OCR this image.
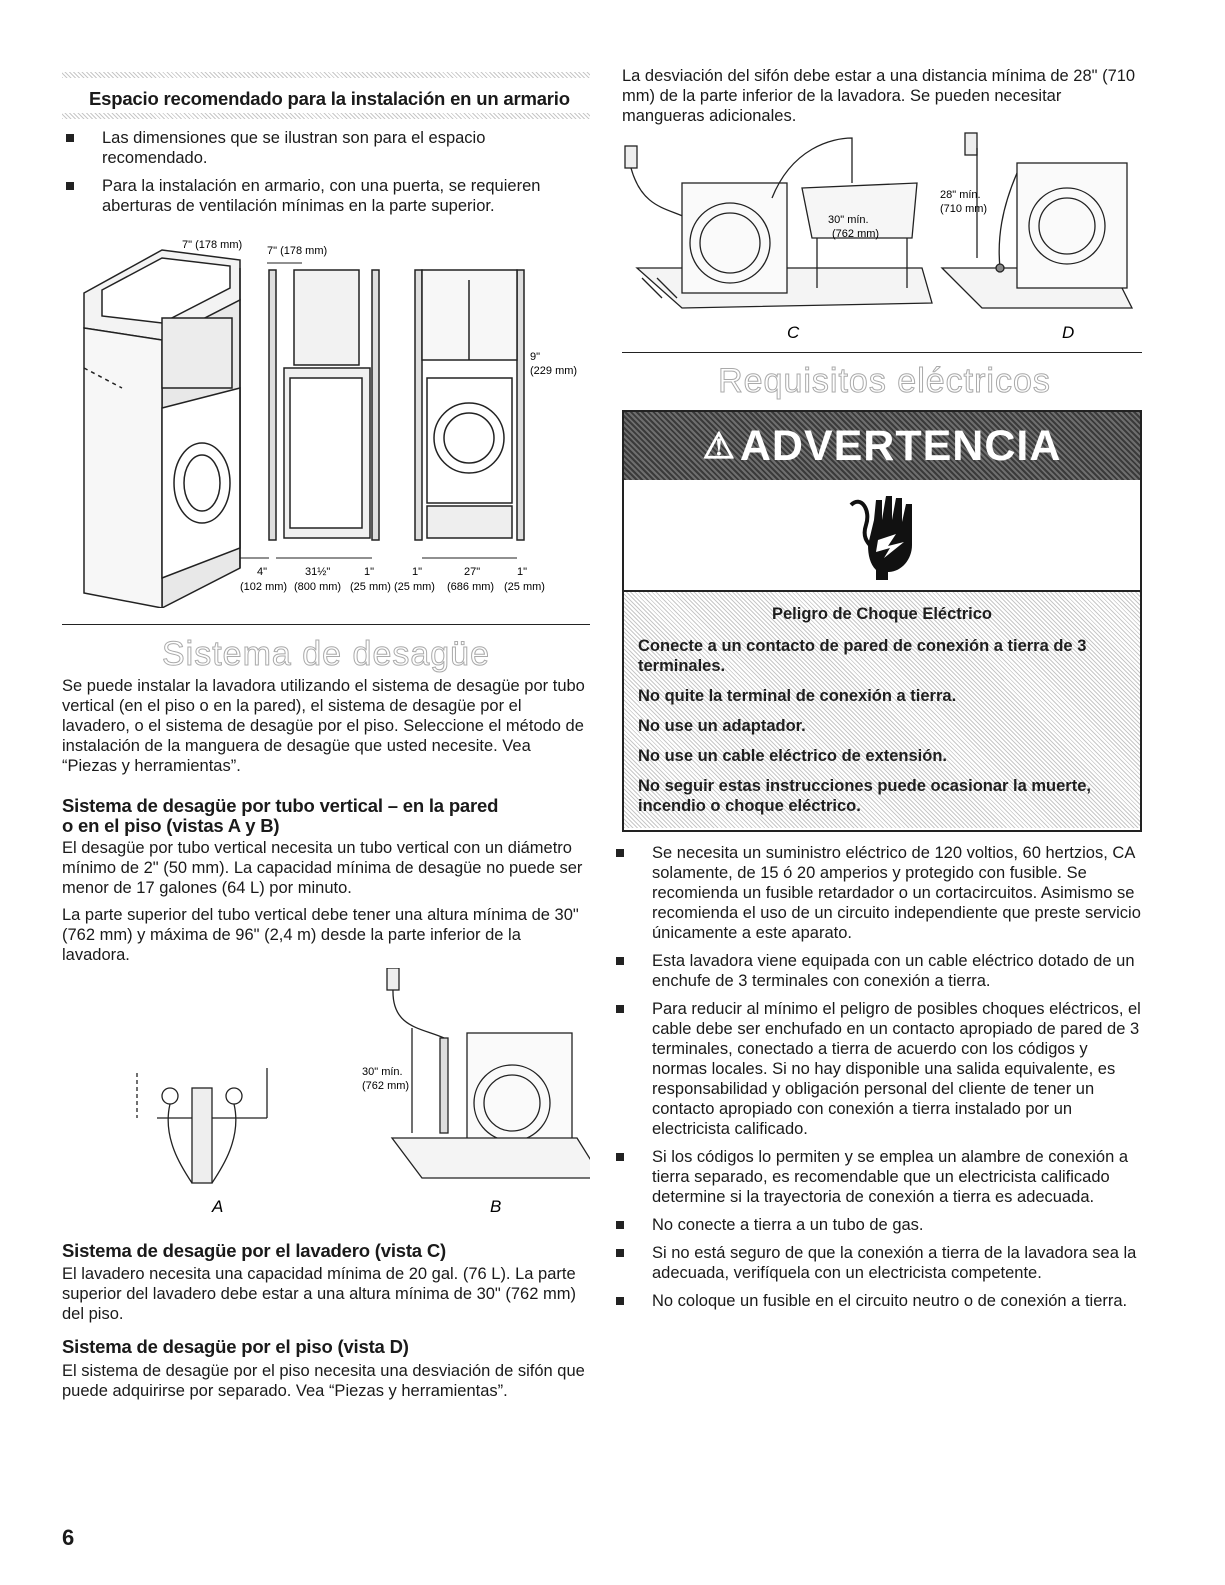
Espacio recomendado para la instalación en un armario
Las dimensiones que se ilustran son para el espacio recomendado.
Para la instalación en armario, con una puerta, se requieren aberturas de ventilación mínimas en la parte superior.
7" (178 mm) 7" (178 mm)
9"
(229 mm)
4"	31½"	1"	1"	27"	1"
(102 mm) (800 mm) (25 mm) (25 mm) (686 mm) (25 mm)
Sistema de desagüe

Se puede instalar la lavadora utilizando el sistema de desagüe por tubo vertical (en el piso o en la pared), el sistema de desagüe por el lavadero, o el sistema de desagüe por el piso. Seleccione el método de instalación de la manguera de desagüe que usted necesite. Vea “Piezas y herramientas”.

Sistema de desagüe por tubo vertical – en la pared
o en el piso (vistas A y B)

El desagüe por tubo vertical necesita un tubo vertical con un diámetro mínimo de 2" (50 mm). La capacidad mínima de desagüe no puede ser menor de 17 galones (64 L) por minuto.

La parte superior del tubo vertical debe tener una altura mínima de 30" (762 mm) y máxima de 96" (2,4 m) desde la parte inferior de la lavadora.

30" mín.
(762 mm)
A	B
Sistema de desagüe por el lavadero (vista C)

El lavadero necesita una capacidad mínima de 20 gal. (76 L). La parte superior del lavadero debe estar a una altura mínima de 30" (762 mm) del piso.

Sistema de desagüe por el piso (vista D)

El sistema de desagüe por el piso necesita una desviación de sifón que puede adquirirse por separado. Vea “Piezas y herramientas”.

6

La desviación del sifón debe estar a una distancia mínima de 28" (710 mm) de la parte inferior de la lavadora. Se pueden necesitar mangueras adicionales.

30" mín.
(762 mm)
28" mín.
(710 mm)
C	D
Requisitos eléctricos
⚠ ADVERTENCIA

Peligro de Choque Eléctrico

Conecte a un contacto de pared de conexión a tierra de 3 terminales.

No quite la terminal de conexión a tierra.

No use un adaptador.

No use un cable eléctrico de extensión.

No seguir estas instrucciones puede ocasionar la muerte, incendio o choque eléctrico.

Se necesita un suministro eléctrico de 120 voltios, 60 hertzios, CA solamente, de 15 ó 20 amperios y protegido con fusible. Se recomienda un fusible retardador o un cortacircuitos. Asimismo se recomienda el uso de un circuito independiente que preste servicio únicamente a este aparato.
Esta lavadora viene equipada con un cable eléctrico dotado de un enchufe de 3 terminales con conexión a tierra.
Para reducir al mínimo el peligro de posibles choques eléctricos, el cable debe ser enchufado en un contacto apropiado de pared de 3 terminales, conectado a tierra de acuerdo con los códigos y normas locales. Si no hay disponible una salida equivalente, es responsabilidad y obligación personal del cliente de tener un contacto apropiado con conexión a tierra instalado por un electricista calificado.
Si los códigos lo permiten y se emplea un alambre de conexión a tierra separado, es recomendable que un electricista calificado determine si la trayectoria de conexión a tierra es adecuada.
No conecte a tierra a un tubo de gas.
Si no está seguro de que la conexión a tierra de la lavadora sea la adecuada, verifíquela con un electricista competente.
No coloque un fusible en el circuito neutro o de conexión a tierra.
